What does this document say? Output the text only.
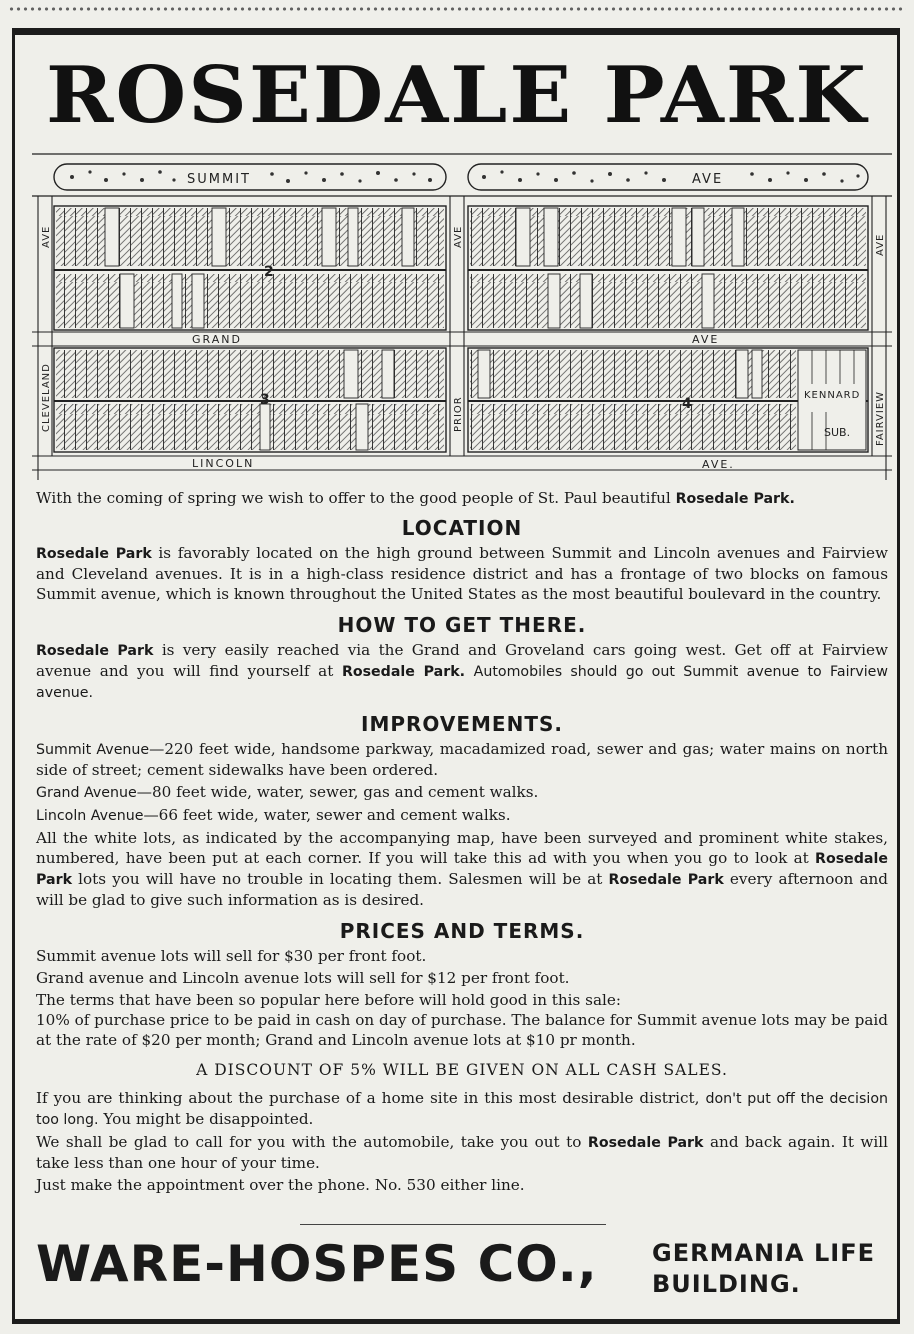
ROSEDALE PARK
SUMMIT	AVE
GRAND	AVE
KENNARD
SUB.
2
3	4
LINCOLN	AVE.
AVE
CLEVELAND
AVE
PRIOR
AVE
FAIRVIEW

With the coming of spring we wish to offer to the good people of St. Paul beautiful Rosedale Park.

LOCATION

Rosedale Park is favorably located on the high ground between Summit and Lincoln avenues and Fairview and Cleveland avenues. It is in a high-class residence district and has a frontage of two blocks on famous Summit avenue, which is known throughout the United States as the most beautiful boulevard in the country.

HOW TO GET THERE.

Rosedale Park is very easily reached via the Grand and Groveland cars going west. Get off at Fairview avenue and you will find yourself at Rosedale Park. Automobiles should go out Summit avenue to Fairview avenue.

IMPROVEMENTS.

Summit Avenue—220 feet wide, handsome parkway, macadamized road, sewer and gas; water mains on north side of street; cement sidewalks have been ordered.

Grand Avenue—80 feet wide, water, sewer, gas and cement walks.

Lincoln Avenue—66 feet wide, water, sewer and cement walks.

All the white lots, as indicated by the accompanying map, have been surveyed and prominent white stakes, numbered, have been put at each corner. If you will take this ad with you when you go to look at Rosedale Park lots you will have no trouble in locating them. Salesmen will be at Rosedale Park every afternoon and will be glad to give such information as is desired.

PRICES AND TERMS.

Summit avenue lots will sell for $30 per front foot.

Grand avenue and Lincoln avenue lots will sell for $12 per front foot.

The terms that have been so popular here before will hold good in this sale:

10% of purchase price to be paid in cash on day of purchase. The balance for Summit avenue lots may be paid at the rate of $20 per month; Grand and Lincoln avenue lots at $10 pr month.

A DISCOUNT OF 5% WILL BE GIVEN ON ALL CASH SALES.

If you are thinking about the purchase of a home site in this most desirable district, don't put off the decision too long. You might be disappointed.

We shall be glad to call for you with the automobile, take you out to Rosedale Park and back again. It will take less than one hour of your time.

Just make the appointment over the phone. No. 530 either line.

WARE-HOSPES CO.,	GERMANIA LIFE
BUILDING.
